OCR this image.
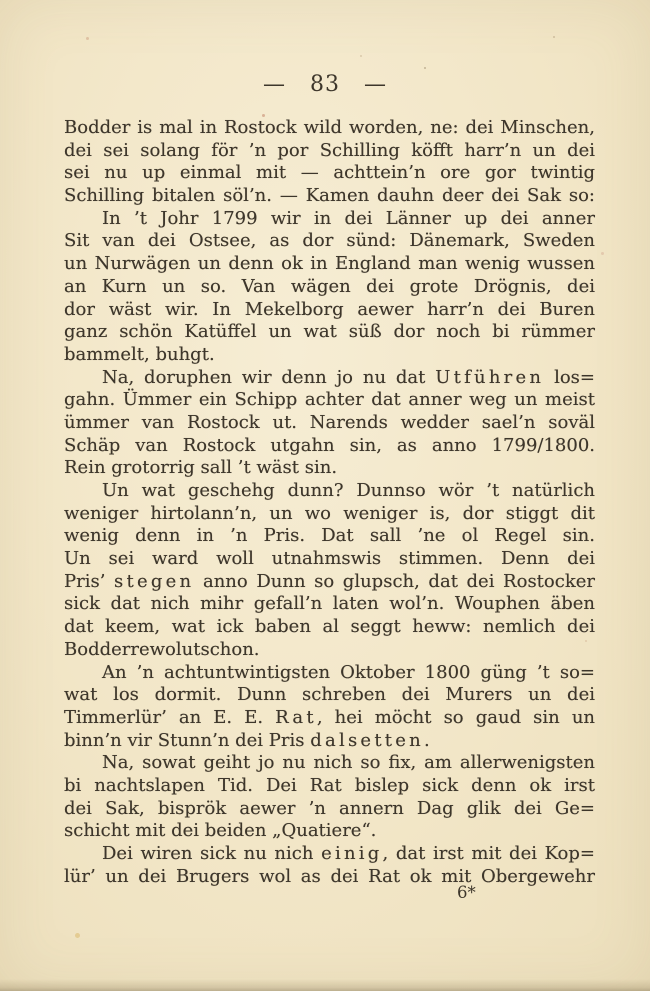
— 83 —
Bodder is mal in Rostock wild worden, ne: dei Minschen,
dei sei solang för ’n por Schilling köfft harr’n un dei
sei nu up einmal mit — achttein’n ore gor twintig
Schilling bitalen söl’n. — Kamen dauhn deer dei Sak so:
In ’t Johr 1799 wir in dei Länner up dei anner
Sit van dei Ostsee, as dor sünd: Dänemark, Sweden
un Nurwägen un denn ok in England man wenig wussen
an Kurn un so. Van wägen dei grote Drögnis, dei
dor wäst wir. In Mekelborg aewer harr’n dei Buren
ganz schön Katüffel un wat süß dor noch bi rümmer
bammelt, buhgt.
Na, doruphen wir denn jo nu dat Utführen los=
gahn. Ümmer ein Schipp achter dat anner weg un meist
ümmer van Rostock ut. Narends wedder sael’n soväl
Schäp van Rostock utgahn sin, as anno 1799/1800.
Rein grotorrig sall ’t wäst sin.
Un wat geschehg dunn? Dunnso wör ’t natürlich
weniger hirtolann’n, un wo weniger is, dor stiggt dit
wenig denn in ’n Pris. Dat sall ’ne ol Regel sin.
Un sei ward woll utnahmswis stimmen. Denn dei
Pris’ stegen anno Dunn so glupsch, dat dei Rostocker
sick dat nich mihr gefall’n laten wol’n. Wouphen äben
dat keem, wat ick baben al seggt heww: nemlich dei
Bodderrewolutschon.
An ’n achtuntwintigsten Oktober 1800 güng ’t so=
wat los dormit. Dunn schreben dei Murers un dei
Timmerlür’ an E. E. Rat, hei möcht so gaud sin un
binn’n vir Stunn’n dei Pris dalsetten.
Na, sowat geiht jo nu nich so fix, am allerwenigsten
bi nachtslapen Tid. Dei Rat bislep sick denn ok irst
dei Sak, bisprök aewer ’n annern Dag glik dei Ge=
schicht mit dei beiden „Quatiere“.
Dei wiren sick nu nich einig, dat irst mit dei Kop=
lür’ un dei Brugers wol as dei Rat ok mit Obergewehr
6*
